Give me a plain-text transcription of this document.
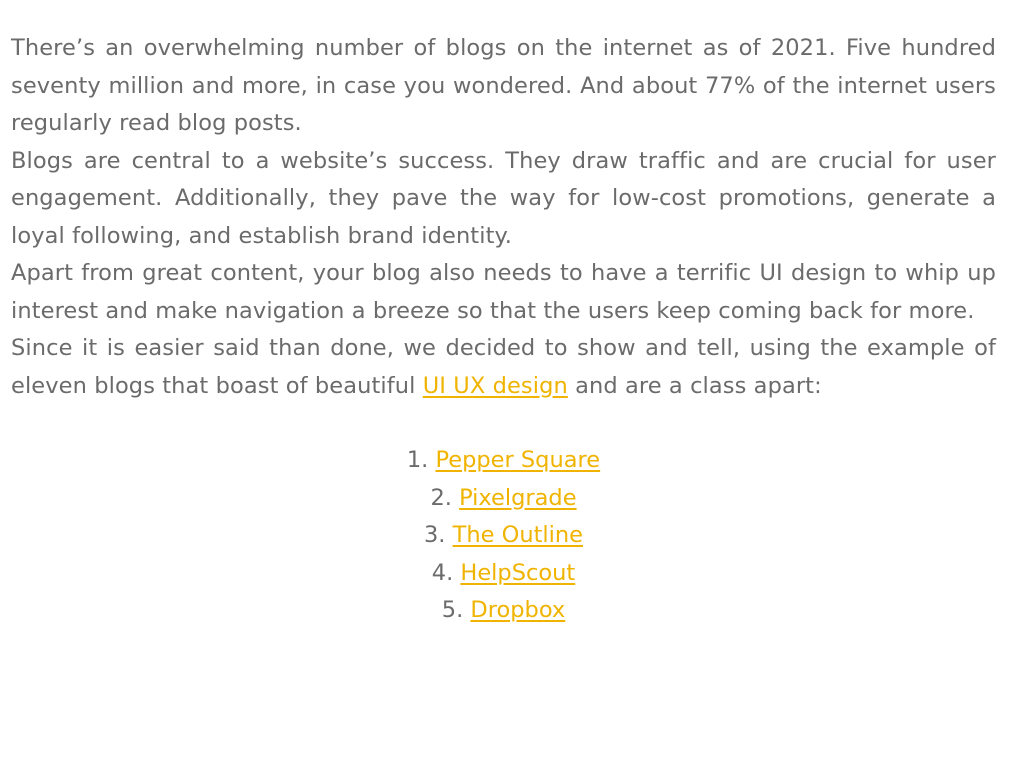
There’s an overwhelming number of blogs on the internet as of 2021. Five hundred seventy million and more, in case you wondered. And about 77% of the internet users regularly read blog posts.

Blogs are central to a website’s success. They draw traffic and are crucial for user engagement. Additionally, they pave the way for low-cost promotions, generate a loyal following, and establish brand identity.

Apart from great content, your blog also needs to have a terrific UI design to whip up interest and make navigation a breeze so that the users keep coming back for more.

Since it is easier said than done, we decided to show and tell, using the example of eleven blogs that boast of beautiful UI UX design and are a class apart:

1. Pepper Square
2. Pixelgrade
3. The Outline
4. HelpScout
5. Dropbox
